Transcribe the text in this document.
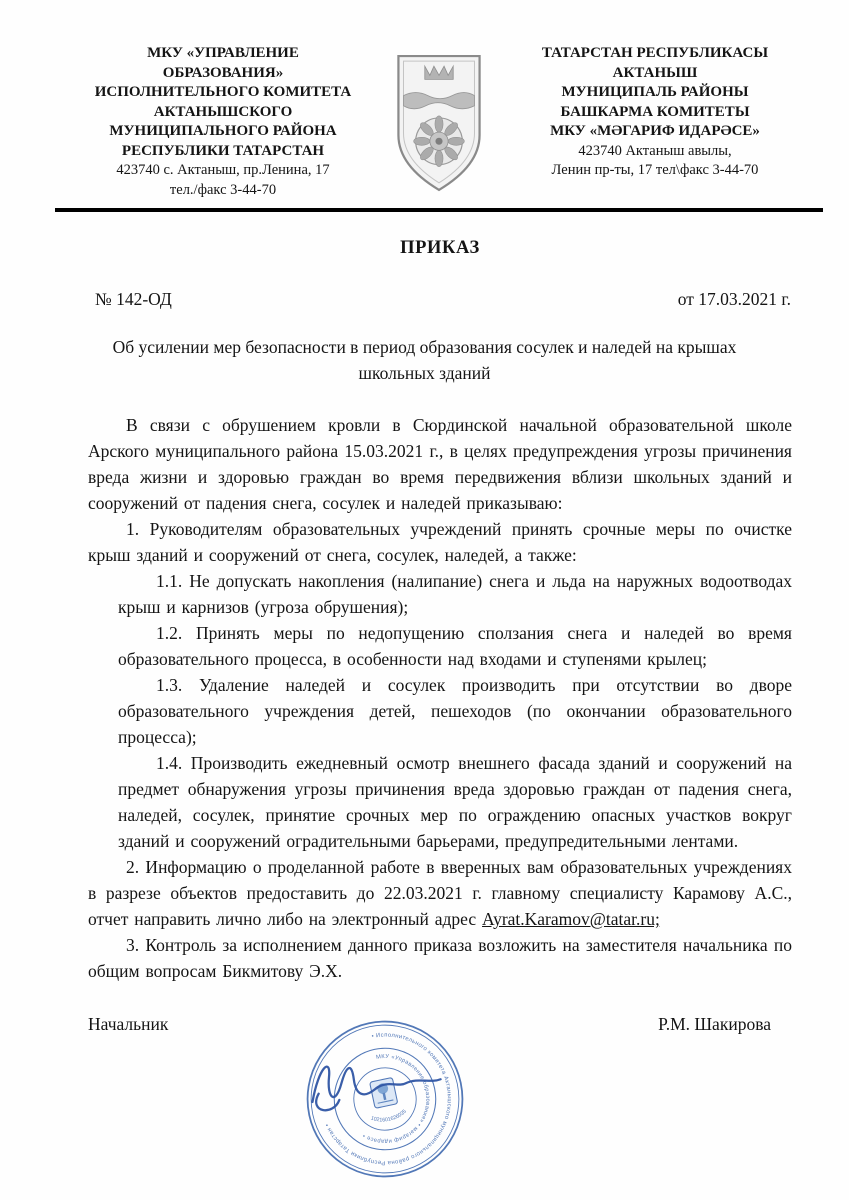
МКУ «УПРАВЛЕНИЕ
ОБРАЗОВАНИЯ»
ИСПОЛНИТЕЛЬНОГО КОМИТЕТА
АКТАНЫШСКОГО
МУНИЦИПАЛЬНОГО РАЙОНА
РЕСПУБЛИКИ ТАТАРСТАН
423740 с. Актаныш, пр.Ленина, 17
тел./факс 3-44-70
ТАТАРСТАН РЕСПУБЛИКАСЫ
АКТАНЫШ
МУНИЦИПАЛЬ РАЙОНЫ
БАШКАРМА КОМИТЕТЫ
МКУ «МӘГАРИФ ИДАРӘСЕ»
423740 Актаныш авылы,
Ленин пр-ты, 17 тел\факс 3-44-70
ПРИКАЗ
№ 142-ОД	от 17.03.2021 г.
Об усилении мер безопасности в период образования сосулек и наледей на крышах школьных зданий

В связи с обрушением кровли в Сюрдинской начальной образовательной школе Арского муниципального района 15.03.2021 г., в целях предупреждения угрозы причинения вреда жизни и здоровью граждан во время передвижения вблизи школьных зданий и сооружений от падения снега, сосулек и наледей приказываю:

1. Руководителям образовательных учреждений принять срочные меры по очистке крыш зданий и сооружений от снега, сосулек, наледей, а также:

1.1. Не допускать накопления (налипание) снега и льда на наружных водоотводах крыш и карнизов (угроза обрушения);

1.2. Принять меры по недопущению сползания снега и наледей во время образовательного процесса, в особенности над входами и ступенями крылец;

1.3. Удаление наледей и сосулек производить при отсутствии во дворе образовательного учреждения детей, пешеходов (по окончании образовательного процесса);

1.4. Производить ежедневный осмотр внешнего фасада зданий и сооружений на предмет обнаружения угрозы причинения вреда здоровью граждан от падения снега, наледей, сосулек, принятие срочных мер по ограждению опасных участков вокруг зданий и сооружений оградительными барьерами, предупредительными лентами.

2. Информацию о проделанной работе в вверенных вам образовательных учреждениях в разрезе объектов предоставить до 22.03.2021 г. главному специалисту Карамову А.С., отчет направить лично либо на электронный адрес Ayrat.Karamov@tatar.ru;

3. Контроль за исполнением данного приказа возложить на заместителя начальника по общим вопросам Бикмитову Э.Х.

Начальник	Р.М. Шакирова
• Исполнительного комитета Актанышского муниципального района Республики Татарстан •
МКУ «Управление образования» • мәгариф идарәсе •
1021601626035
